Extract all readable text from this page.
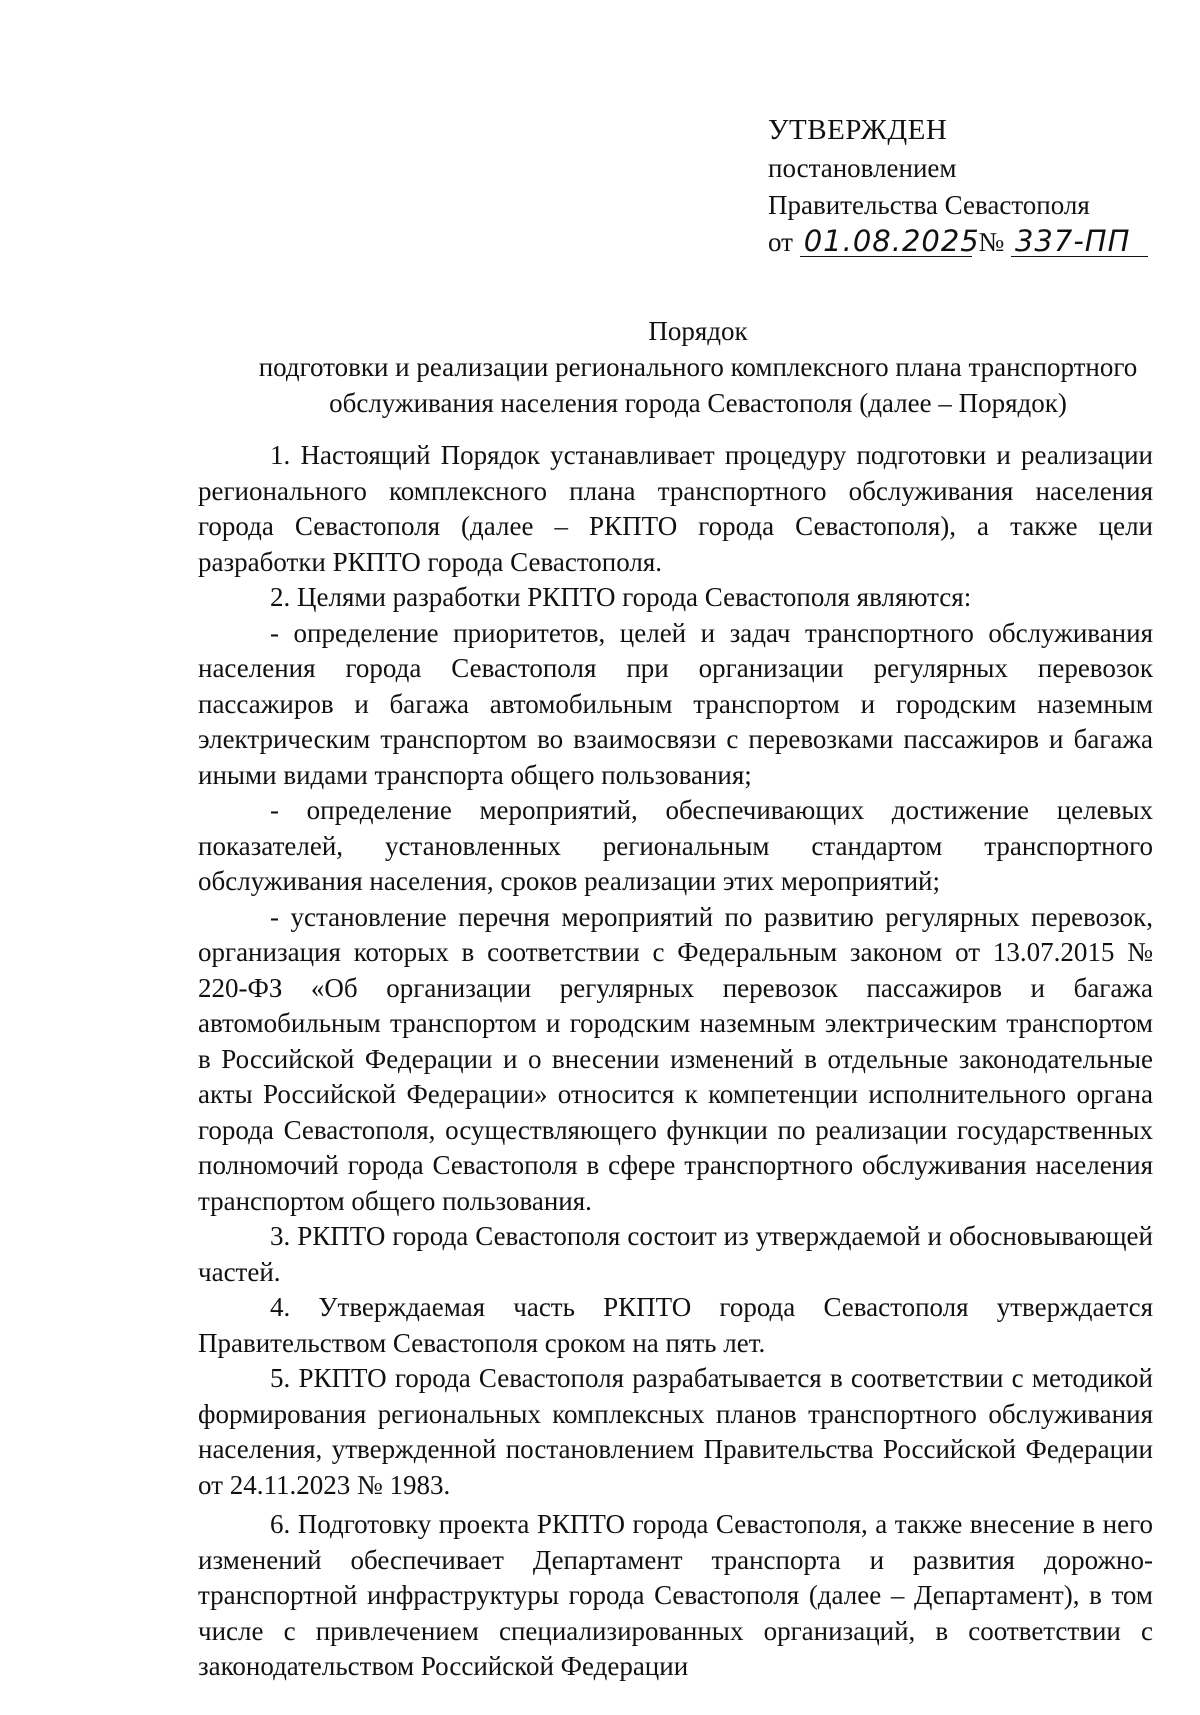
УТВЕРЖДЕН
постановлением
Правительства Севастополя
от 01.08.2025 № 337-ПП
Порядок
подготовки и реализации регионального комплексного плана транспортного
обслуживания населения города Севастополя (далее – Порядок)

1. Настоящий Порядок устанавливает процедуру подготовки и реализации регионального комплексного плана транспортного обслуживания населения города Севастополя (далее – РКПТО города Севастополя), а также цели разработки РКПТО города Севастополя.

2. Целями разработки РКПТО города Севастополя являются:

- определение приоритетов, целей и задач транспортного обслуживания населения города Севастополя при организации регулярных перевозок пассажиров и багажа автомобильным транспортом и городским наземным электрическим транспортом во взаимосвязи с перевозками пассажиров и багажа иными видами транспорта общего пользования;

- определение мероприятий, обеспечивающих достижение целевых показателей, установленных региональным стандартом транспортного обслуживания населения, сроков реализации этих мероприятий;

- установление перечня мероприятий по развитию регулярных перевозок, организация которых в соответствии с Федеральным законом от 13.07.2015 № 220-ФЗ «Об организации регулярных перевозок пассажиров и багажа автомобильным транспортом и городским наземным электрическим транспортом в Российской Федерации и о внесении изменений в отдельные законодательные акты Российской Федерации» относится к компетенции исполнительного органа города Севастополя, осуществляющего функции по реализации государственных полномочий города Севастополя в сфере транспортного обслуживания населения транспортом общего пользования.

3. РКПТО города Севастополя состоит из утверждаемой и обосновывающей частей.

4. Утверждаемая часть РКПТО города Севастополя утверждается Правительством Севастополя сроком на пять лет.

5. РКПТО города Севастополя разрабатывается в соответствии с методикой формирования региональных комплексных планов транспортного обслуживания населения, утвержденной постановлением Правительства Российской Федерации от 24.11.2023 № 1983.

6. Подготовку проекта РКПТО города Севастополя, а также внесение в него изменений обеспечивает Департамент транспорта и развития дорожно-транспортной инфраструктуры города Севастополя (далее – Департамент), в том числе с привлечением специализированных организаций, в соответствии с законодательством Российской Федерации
